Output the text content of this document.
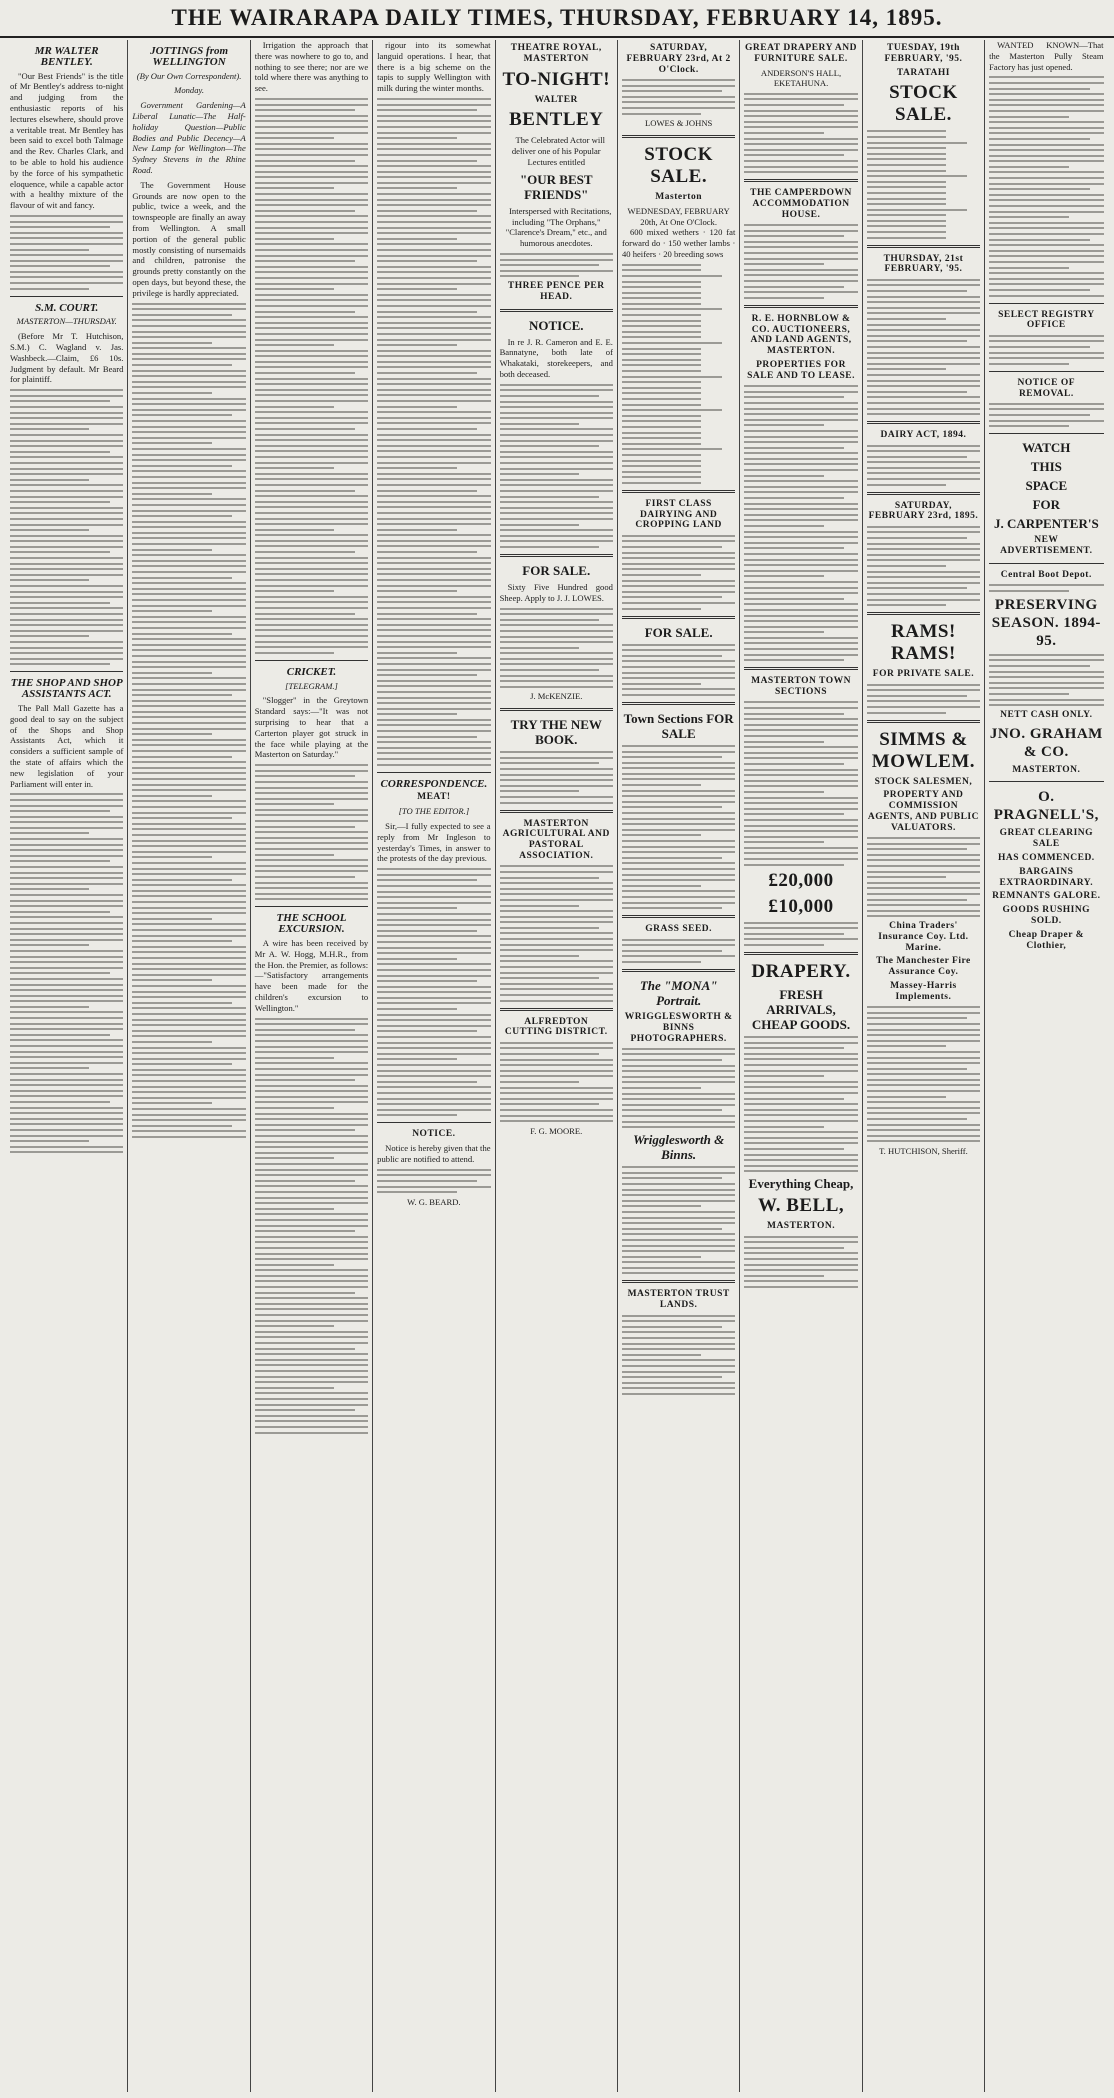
THE WAIRARAPA DAILY TIMES, THURSDAY, FEBRUARY 14, 1895.
MR WALTER BENTLEY.

"Our Best Friends" is the title of Mr Bentley's address to-night and judging from the enthusiastic reports of his lectures elsewhere, should prove a veritable treat. Mr Bentley has been said to excel both Talmage and the Rev. Charles Clark, and to be able to hold his audience by the force of his sympathetic eloquence, while a capable actor with a healthy mixture of the flavour of wit and fancy.

S.M. COURT.
MASTERTON—THURSDAY.

(Before Mr T. Hutchison, S.M.) C. Wagland v. Jas. Washbeck.—Claim, £6 10s. Judgment by default. Mr Beard for plaintiff.

THE SHOP AND SHOP ASSISTANTS ACT.

The Pall Mall Gazette has a good deal to say on the subject of the Shops and Shop Assistants Act, which it considers a sufficient sample of the state of affairs which the new legislation of your Parliament will enter in.

JOTTINGS from WELLINGTON
(By Our Own Correspondent).
Monday.

Government Gardening—A Liberal Lunatic—The Half-holiday Question—Public Bodies and Public Decency—A New Lamp for Wellington—The Sydney Stevens in the Rhine Road.

The Government House Grounds are now open to the public, twice a week, and the townspeople are finally an away from Wellington. A small portion of the general public mostly consisting of nursemaids and children, patronise the grounds pretty constantly on the open days, but beyond these, the privilege is hardly appreciated.

Irrigation the approach that there was nowhere to go to, and nothing to see there; nor are we told where there was anything to see.

CRICKET.
[TELEGRAM.]

"Slogger" in the Greytown Standard says:—"It was not surprising to hear that a Carterton player got struck in the face while playing at the Masterton on Saturday."

THE SCHOOL EXCURSION.

A wire has been received by Mr A. W. Hogg, M.H.R., from the Hon. the Premier, as follows:—"Satisfactory arrangements have been made for the children's excursion to Wellington."

rigour into its somewhat languid operations. I hear, that there is a big scheme on the tapis to supply Wellington with milk during the winter months.

CORRESPONDENCE.
MEAT!
[TO THE EDITOR.]

Sir,—I fully expected to see a reply from Mr Ingleson to yesterday's Times, in answer to the protests of the day previous.

NOTICE.

Notice is hereby given that the public are notified to attend.

W. G. BEARD.
THEATRE ROYAL, MASTERTON
TO-NIGHT!
WALTER
BENTLEY

The Celebrated Actor will deliver one of his Popular Lectures entitled

"OUR BEST FRIENDS"

Interspersed with Recitations, including "The Orphans," "Clarence's Dream," etc., and humorous anecdotes.

THREE PENCE PER HEAD.
NOTICE.

In re J. R. Cameron and E. E. Bannatyne, both late of Whakataki, storekeepers, and both deceased.

FOR SALE.

Sixty Five Hundred good Sheep. Apply to J. J. LOWES.

J. McKENZIE.
TRY THE NEW BOOK.
MASTERTON AGRICULTURAL AND PASTORAL ASSOCIATION.
ALFREDTON CUTTING DISTRICT.
F. G. MOORE.
SATURDAY, FEBRUARY 23rd, At 2 O'Clock.
LOWES & JOHNS
STOCK SALE.
Masterton
WEDNESDAY, FEBRUARY 20th, At One O'Clock.

600 mixed wethers · 120 fat forward do · 150 wether lambs · 40 heifers · 20 breeding sows

FIRST CLASS DAIRYING AND CROPPING LAND
FOR SALE.
Town Sections FOR SALE
GRASS SEED.
The "MONA" Portrait.
WRIGGLESWORTH & BINNS PHOTOGRAPHERS.
Wrigglesworth & Binns.
MASTERTON TRUST LANDS.
GREAT DRAPERY AND FURNITURE SALE.
ANDERSON'S HALL, EKETAHUNA.
THE CAMPERDOWN ACCOMMODATION HOUSE.
R. E. HORNBLOW & CO. AUCTIONEERS, AND LAND AGENTS, MASTERTON.
PROPERTIES FOR SALE AND TO LEASE.
MASTERTON TOWN SECTIONS
£20,000
£10,000
DRAPERY.
FRESH ARRIVALS, CHEAP GOODS.
Everything Cheap,
W. BELL,
MASTERTON.
TUESDAY, 19th FEBRUARY, '95.
TARATAHI
STOCK SALE.
THURSDAY, 21st FEBRUARY, '95.
DAIRY ACT, 1894.
SATURDAY, FEBRUARY 23rd, 1895.
RAMS! RAMS!
FOR PRIVATE SALE.
SIMMS & MOWLEM.
STOCK SALESMEN,
PROPERTY AND COMMISSION AGENTS, AND PUBLIC VALUATORS.
China Traders' Insurance Coy. Ltd. Marine.
The Manchester Fire Assurance Coy.
Massey-Harris Implements.
T. HUTCHISON, Sheriff.

WANTED KNOWN—That the Masterton Pully Steam Factory has just opened.

SELECT REGISTRY OFFICE
NOTICE OF REMOVAL.
WATCH
THIS
SPACE
FOR
J. CARPENTER'S
NEW ADVERTISEMENT.
Central Boot Depot.
PRESERVING SEASON. 1894-95.
NETT CASH ONLY.
JNO. GRAHAM & CO.
MASTERTON.
O. PRAGNELL'S,
GREAT CLEARING SALE
HAS COMMENCED.
BARGAINS EXTRAORDINARY.
REMNANTS GALORE.
GOODS RUSHING SOLD.
Cheap Draper & Clothier,
